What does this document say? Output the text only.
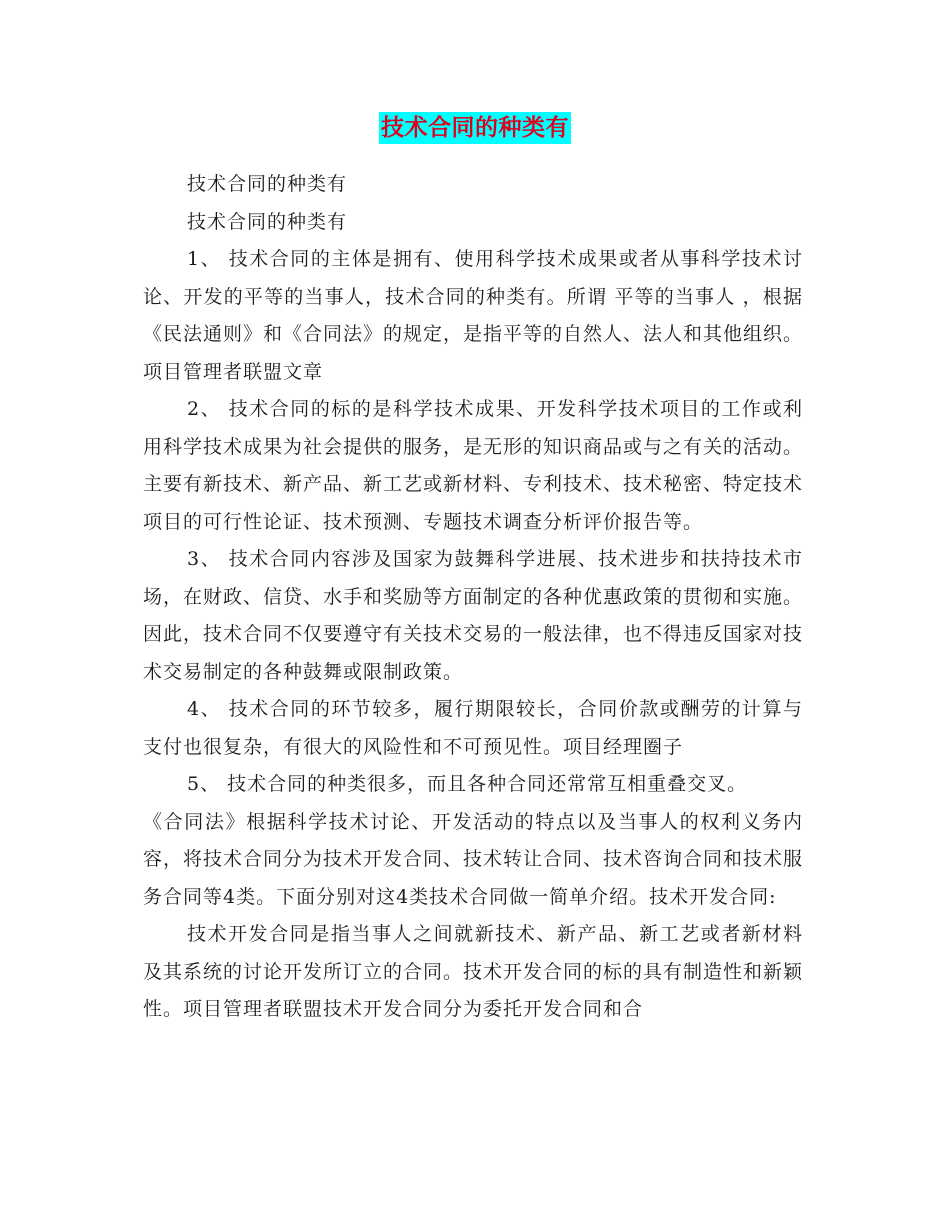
技术合同的种类有

技术合同的种类有

技术合同的种类有

1、 技术合同的主体是拥有、使用科学技术成果或者从事科学技术讨论、开发的平等的当事人，技术合同的种类有。所谓 平等的当事人 ，根据《民法通则》和《合同法》的规定，是指平等的自然人、法人和其他组织。项目管理者联盟文章

2、 技术合同的标的是科学技术成果、开发科学技术项目的工作或利用科学技术成果为社会提供的服务，是无形的知识商品或与之有关的活动。主要有新技术、新产品、新工艺或新材料、专利技术、技术秘密、特定技术项目的可行性论证、技术预测、专题技术调查分析评价报告等。

3、 技术合同内容涉及国家为鼓舞科学进展、技术进步和扶持技术市场，在财政、信贷、水手和奖励等方面制定的各种优惠政策的贯彻和实施。因此，技术合同不仅要遵守有关技术交易的一般法律，也不得违反国家对技术交易制定的各种鼓舞或限制政策。

4、 技术合同的环节较多，履行期限较长，合同价款或酬劳的计算与支付也很复杂，有很大的风险性和不可预见性。项目经理圈子

5、 技术合同的种类很多，而且各种合同还常常互相重叠交叉。

《合同法》根据科学技术讨论、开发活动的特点以及当事人的权利义务内容，将技术合同分为技术开发合同、技术转让合同、技术咨询合同和技术服务合同等4类。下面分别对这4类技术合同做一简单介绍。技术开发合同:

技术开发合同是指当事人之间就新技术、新产品、新工艺或者新材料及其系统的讨论开发所订立的合同。技术开发合同的标的具有制造性和新颖性。项目管理者联盟技术开发合同分为委托开发合同和合
